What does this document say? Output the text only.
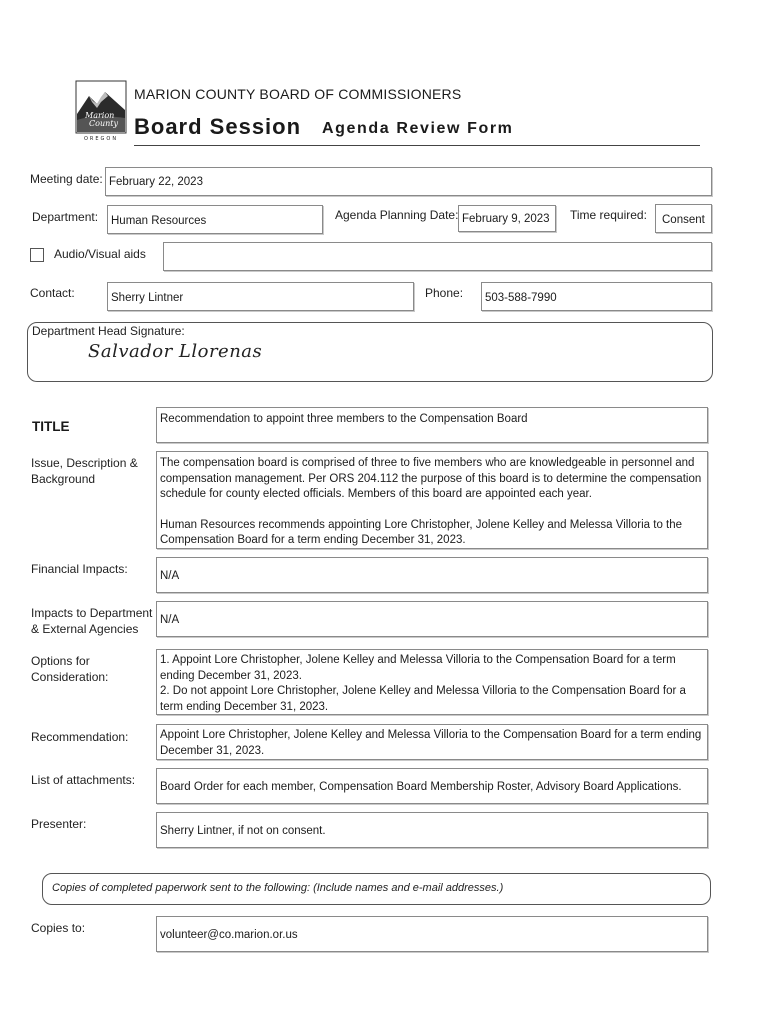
OREGON
Marion
County
MARION COUNTY BOARD OF COMMISSIONERS
Board Session Agenda Review Form
Meeting date: February 22, 2023
Department: Human Resources	Agenda Planning Date: February 9, 2023 Time required: Consent
Audio/Visual aids
Contact:	Sherry Lintner	Phone: 503-588-7990
Department Head Signature:
Salvador Llorenas
TITLE	Recommendation to appoint three members to the Compensation Board
Issue, Description &
Background

The compensation board is comprised of three to five members who are knowledgeable in personnel and compensation management. Per ORS 204.112 the purpose of this board is to determine the compensation schedule for county elected officials. Members of this board are appointed each year.

Human Resources recommends appointing Lore Christopher, Jolene Kelley and Melessa Villoria to the Compensation Board for a term ending December 31, 2023.

Financial Impacts:	N/A
Impacts to Department
& External Agencies
N/A
Options for
Consideration:

1. Appoint Lore Christopher, Jolene Kelley and Melessa Villoria to the Compensation Board for a term ending December 31, 2023.

2. Do not appoint Lore Christopher, Jolene Kelley and Melessa Villoria to the Compensation Board for a term ending December 31, 2023.

Recommendation:	Appoint Lore Christopher, Jolene Kelley and Melessa Villoria to the Compensation Board for a term ending December 31, 2023.
List of attachments: Board Order for each member, Compensation Board Membership Roster, Advisory Board Applications.
Presenter:	Sherry Lintner, if not on consent.
Copies of completed paperwork sent to the following: (Include names and e-mail addresses.)
Copies to:	volunteer@co.marion.or.us
